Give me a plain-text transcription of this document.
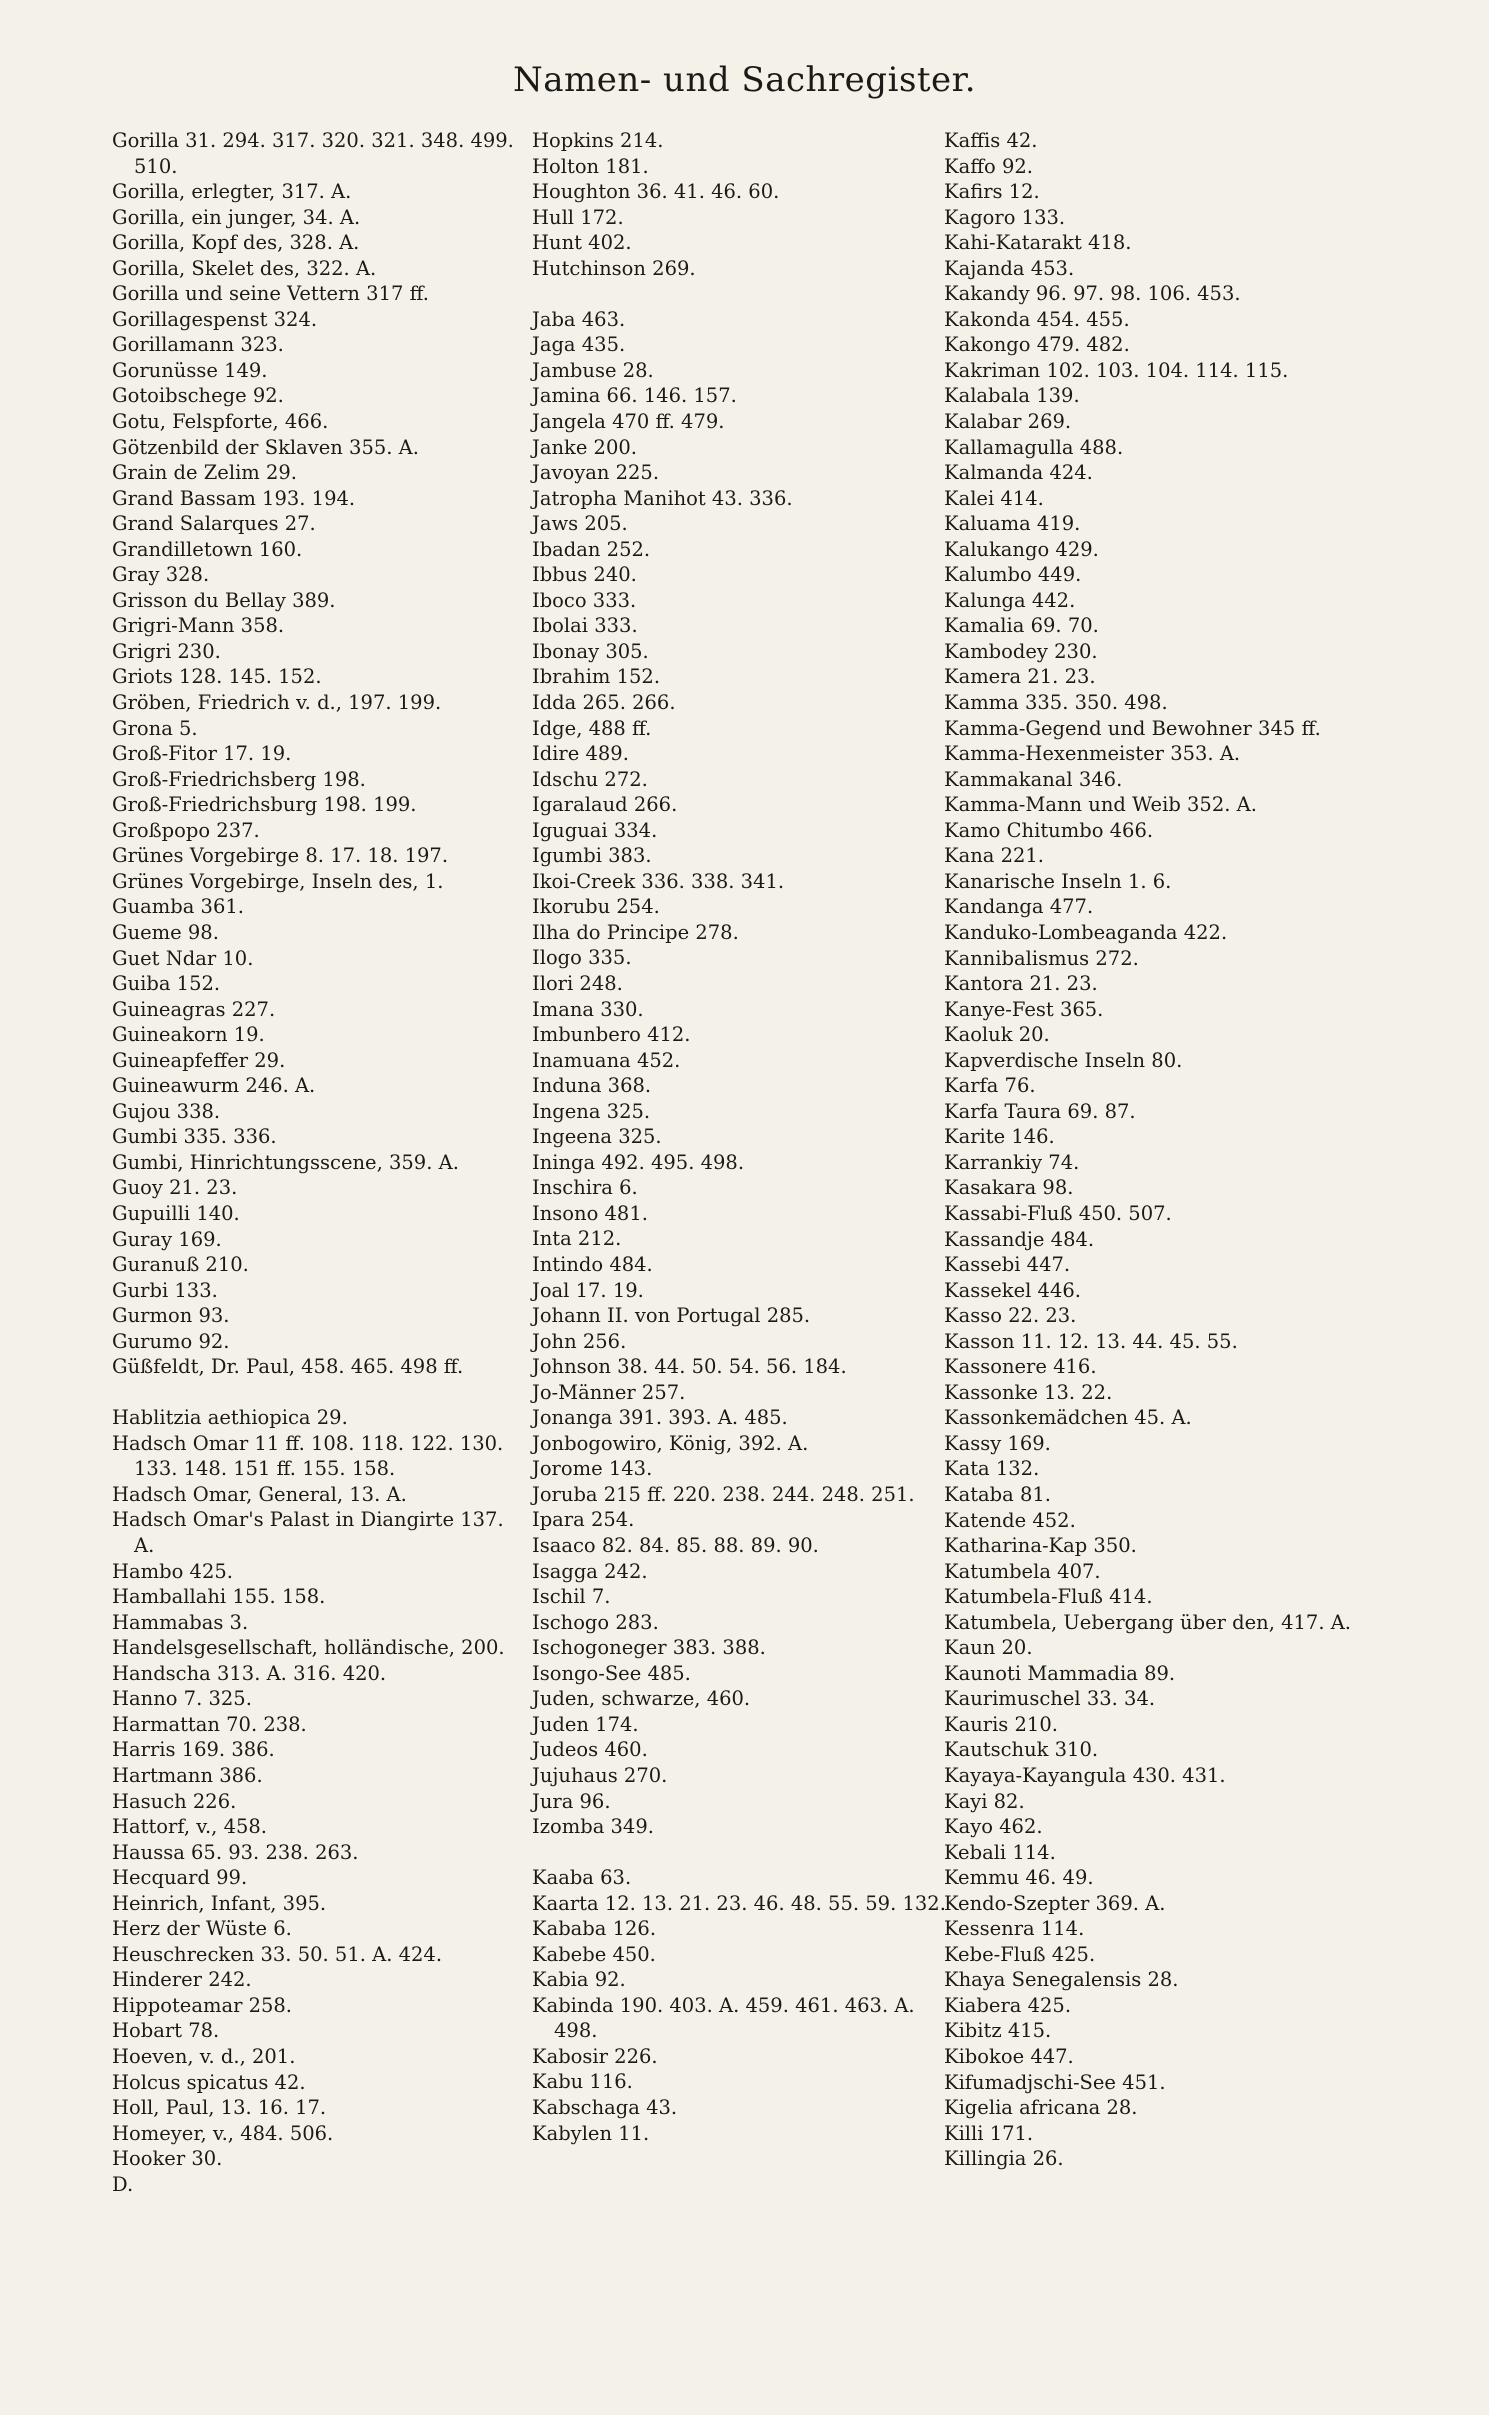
Namen- und Sachregister.
Gorilla 31. 294. 317. 320. 321. 348. 499. 510.
Gorilla, erlegter, 317. A.
Gorilla, ein junger, 34. A.
Gorilla, Kopf des, 328. A.
Gorilla, Skelet des, 322. A.
Gorilla und seine Vettern 317 ff.
Gorillagespenst 324.
Gorillamann 323.
Gorunüsse 149.
Gotoibschege 92.
Gotu, Felspforte, 466.
Götzenbild der Sklaven 355. A.
Grain de Zelim 29.
Grand Bassam 193. 194.
Grand Salarques 27.
Grandilletown 160.
Gray 328.
Grisson du Bellay 389.
Grigri-Mann 358.
Grigri 230.
Griots 128. 145. 152.
Gröben, Friedrich v. d., 197. 199.
Grona 5.
Groß-Fitor 17. 19.
Groß-Friedrichsberg 198.
Groß-Friedrichsburg 198. 199.
Großpopo 237.
Grünes Vorgebirge 8. 17. 18. 197.
Grünes Vorgebirge, Inseln des, 1.
Guamba 361.
Gueme 98.
Guet Ndar 10.
Guiba 152.
Guineagras 227.
Guineakorn 19.
Guineapfeffer 29.
Guineawurm 246. A.
Gujou 338.
Gumbi 335. 336.
Gumbi, Hinrichtungsscene, 359. A.
Guoy 21. 23.
Gupuilli 140.
Guray 169.
Guranuß 210.
Gurbi 133.
Gurmon 93.
Gurumo 92.
Güßfeldt, Dr. Paul, 458. 465. 498 ff.
Hablitzia aethiopica 29.
Hadsch Omar 11 ff. 108. 118. 122. 130. 133. 148. 151 ff. 155. 158.
Hadsch Omar, General, 13. A.
Hadsch Omar's Palast in Diangirte 137. A.
Hambo 425.
Hamballahi 155. 158.
Hammabas 3.
Handelsgesellschaft, holländische, 200.
Handscha 313. A. 316. 420.
Hanno 7. 325.
Harmattan 70. 238.
Harris 169. 386.
Hartmann 386.
Hasuch 226.
Hattorf, v., 458.
Haussa 65. 93. 238. 263.
Hecquard 99.
Heinrich, Infant, 395.
Herz der Wüste 6.
Heuschrecken 33. 50. 51. A. 424.
Hinderer 242.
Hippoteamar 258.
Hobart 78.
Hoeven, v. d., 201.
Holcus spicatus 42.
Holl, Paul, 13. 16. 17.
Homeyer, v., 484. 506.
Hooker 30.
D.
Hopkins 214.
Holton 181.
Houghton 36. 41. 46. 60.
Hull 172.
Hunt 402.
Hutchinson 269.
Jaba 463.
Jaga 435.
Jambuse 28.
Jamina 66. 146. 157.
Jangela 470 ff. 479.
Janke 200.
Javoyan 225.
Jatropha Manihot 43. 336.
Jaws 205.
Ibadan 252.
Ibbus 240.
Iboco 333.
Ibolai 333.
Ibonay 305.
Ibrahim 152.
Idda 265. 266.
Idge, 488 ff.
Idire 489.
Idschu 272.
Igaralaud 266.
Iguguai 334.
Igumbi 383.
Ikoi-Creek 336. 338. 341.
Ikorubu 254.
Ilha do Principe 278.
Ilogo 335.
Ilori 248.
Imana 330.
Imbunbero 412.
Inamuana 452.
Induna 368.
Ingena 325.
Ingeena 325.
Ininga 492. 495. 498.
Inschira 6.
Insono 481.
Inta 212.
Intindo 484.
Joal 17. 19.
Johann II. von Portugal 285.
John 256.
Johnson 38. 44. 50. 54. 56. 184.
Jo-Männer 257.
Jonanga 391. 393. A. 485.
Jonbogowiro, König, 392. A.
Jorome 143.
Joruba 215 ff. 220. 238. 244. 248. 251.
Ipara 254.
Isaaco 82. 84. 85. 88. 89. 90.
Isagga 242.
Ischil 7.
Ischogo 283.
Ischogoneger 383. 388.
Isongo-See 485.
Juden, schwarze, 460.
Juden 174.
Judeos 460.
Jujuhaus 270.
Jura 96.
Izomba 349.
Kaaba 63.
Kaarta 12. 13. 21. 23. 46. 48. 55. 59. 132.
Kababa 126.
Kabebe 450.
Kabia 92.
Kabinda 190. 403. A. 459. 461. 463. A. 498.
Kabosir 226.
Kabu 116.
Kabschaga 43.
Kabylen 11.
Kaffis 42.
Kaffo 92.
Kafirs 12.
Kagoro 133.
Kahi-Katarakt 418.
Kajanda 453.
Kakandy 96. 97. 98. 106. 453.
Kakonda 454. 455.
Kakongo 479. 482.
Kakriman 102. 103. 104. 114. 115.
Kalabala 139.
Kalabar 269.
Kallamagulla 488.
Kalmanda 424.
Kalei 414.
Kaluama 419.
Kalukango 429.
Kalumbo 449.
Kalunga 442.
Kamalia 69. 70.
Kambodey 230.
Kamera 21. 23.
Kamma 335. 350. 498.
Kamma-Gegend und Bewohner 345 ff.
Kamma-Hexenmeister 353. A.
Kammakanal 346.
Kamma-Mann und Weib 352. A.
Kamo Chitumbo 466.
Kana 221.
Kanarische Inseln 1. 6.
Kandanga 477.
Kanduko-Lombeaganda 422.
Kannibalismus 272.
Kantora 21. 23.
Kanye-Fest 365.
Kaoluk 20.
Kapverdische Inseln 80.
Karfa 76.
Karfa Taura 69. 87.
Karite 146.
Karrankiy 74.
Kasakara 98.
Kassabi-Fluß 450. 507.
Kassandje 484.
Kassebi 447.
Kassekel 446.
Kasso 22. 23.
Kasson 11. 12. 13. 44. 45. 55.
Kassonere 416.
Kassonke 13. 22.
Kassonkemädchen 45. A.
Kassy 169.
Kata 132.
Kataba 81.
Katende 452.
Katharina-Kap 350.
Katumbela 407.
Katumbela-Fluß 414.
Katumbela, Uebergang über den, 417. A.
Kaun 20.
Kaunoti Mammadia 89.
Kaurimuschel 33. 34.
Kauris 210.
Kautschuk 310.
Kayaya-Kayangula 430. 431.
Kayi 82.
Kayo 462.
Kebali 114.
Kemmu 46. 49.
Kendo-Szepter 369. A.
Kessenra 114.
Kebe-Fluß 425.
Khaya Senegalensis 28.
Kiabera 425.
Kibitz 415.
Kibokoe 447.
Kifumadjschi-See 451.
Kigelia africana 28.
Killi 171.
Killingia 26.
